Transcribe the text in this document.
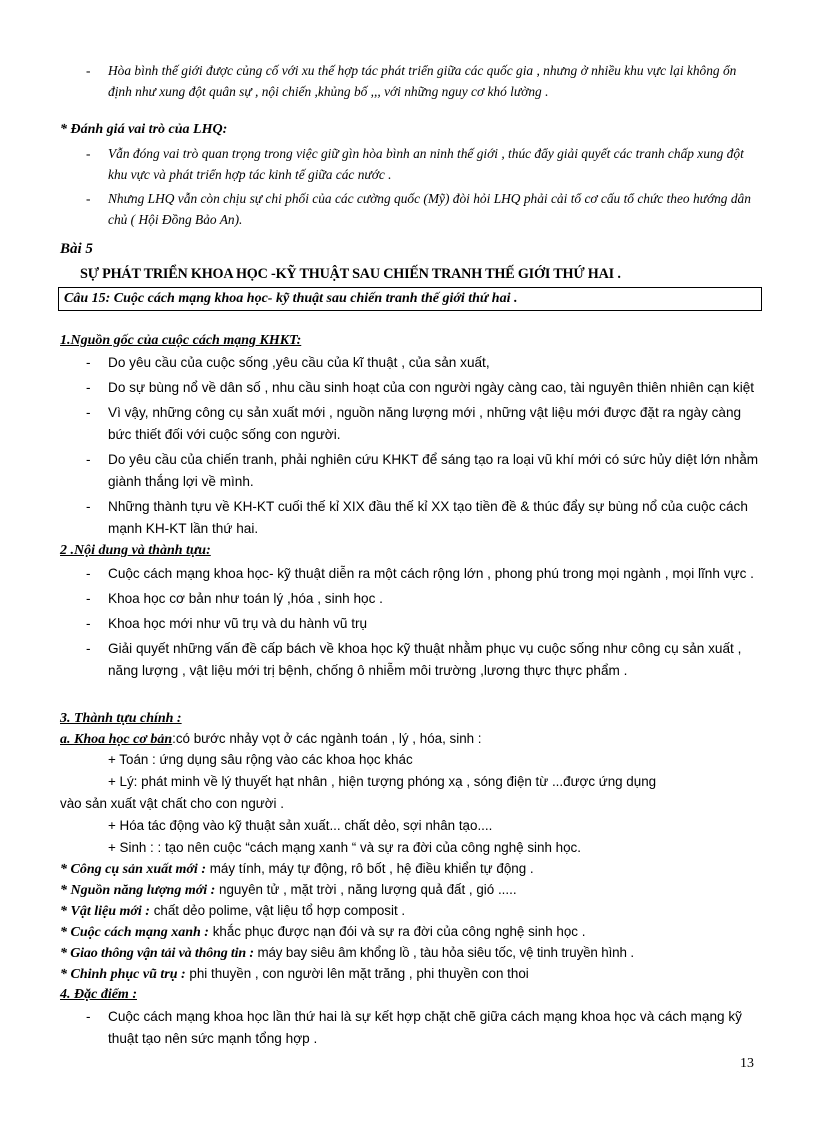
- Hòa bình thế giới được củng cố với xu thế hợp tác phát triển giữa các quốc gia , nhưng ở nhiều khu vực lại không ổn định như xung đột quân sự , nội chiến ,khủng bố ,,, với những nguy cơ khó lường .
* Đánh giá vai trò của LHQ:
- Vẫn đóng vai trò quan trọng trong việc giữ gìn hòa bình an ninh thế giới , thúc đẩy giải quyết các tranh chấp xung đột khu vực và phát triển hợp tác kinh tế giữa các nước .
- Nhưng LHQ vẫn còn chịu sự chi phối của các cường quốc (Mỹ) đòi hỏi LHQ phải cải tổ cơ cấu tổ chức theo hướng dân chủ ( Hội Đồng Bảo An).
Bài 5
SỰ PHÁT TRIỂN KHOA HỌC -KỸ THUẬT SAU CHIẾN TRANH THẾ GIỚI THỨ HAI .
Câu 15: Cuộc cách mạng khoa học- kỹ thuật sau chiến tranh thế giới thứ hai .
1.Nguồn gốc của cuộc cách mạng KHKT:
- Do yêu cầu của cuộc sống ,yêu cầu của kĩ thuật , của sản xuất,
- Do sự bùng nổ về dân số , nhu cầu sinh hoạt của con người ngày càng cao, tài nguyên thiên nhiên cạn kiệt
- Vì vậy, những công cụ sản xuất mới , nguồn năng lượng mới , những vật liệu mới được đặt ra ngày càng bức thiết đối với cuộc sống con người.
- Do yêu cầu của chiến tranh, phải nghiên cứu KHKT để sáng tạo ra loại vũ khí mới có sức hủy diệt lớn nhằm giành thắng lợi về mình.
- Những thành tựu về KH-KT cuối thế kỉ XIX đầu thế kỉ XX tạo tiền đề & thúc đẩy sự bùng nổ của cuộc cách mạnh KH-KT lần thứ hai.
2 .Nội dung và thành tựu:
- Cuộc cách mạng khoa học- kỹ thuật diễn ra một cách rộng lớn , phong phú trong mọi ngành , mọi lĩnh vực .
- Khoa học cơ bản như toán lý ,hóa , sinh học .
- Khoa học mới như vũ trụ và du hành vũ trụ
- Giải quyết những vấn đề cấp bách về khoa học kỹ thuật nhằm phục vụ cuộc sống như công cụ sản xuất , năng lượng , vật liệu mới trị bệnh, chống ô nhiễm môi trường ,lương thực thực phẩm .
3. Thành tựu chính :
a. Khoa học cơ bản:có bước nhảy vọt ở các ngành toán , lý , hóa, sinh :
+ Toán : ứng dụng sâu rộng vào các khoa học khác
+ Lý: phát minh về lý thuyết hạt nhân , hiện tượng phóng xạ , sóng điện từ ...được ứng dụng
vào sản xuất vật chất cho con người .
+ Hóa tác động vào kỹ thuật sản xuất... chất dẻo, sợi nhân tạo....
+ Sinh : : tạo nên cuộc “cách mạng xanh “ và sự ra đời của công nghệ sinh học.
* Công cụ sản xuất mới : máy tính, máy tự động, rô bốt , hệ điều khiển tự động .
* Nguồn năng lượng mới : nguyên tử , mặt trời , năng lượng quả đất , gió .....
* Vật liệu mới : chất dẻo polime, vật liệu tổ hợp composit .
* Cuộc cách mạng xanh : khắc phục được nạn đói và sự ra đời của công nghệ sinh học .
* Giao thông vận tải và thông tin : máy bay siêu âm khổng lồ , tàu hỏa siêu tốc, vệ tinh truyền hình .
* Chinh phục vũ trụ : phi thuyền , con người lên mặt trăng , phi thuyền con thoi
4. Đặc điểm :
- Cuộc cách mạng khoa học lần thứ hai là sự kết hợp chặt chẽ giữa cách mạng khoa học và cách mạng kỹ thuật tạo nên sức mạnh tổng hợp .
13
